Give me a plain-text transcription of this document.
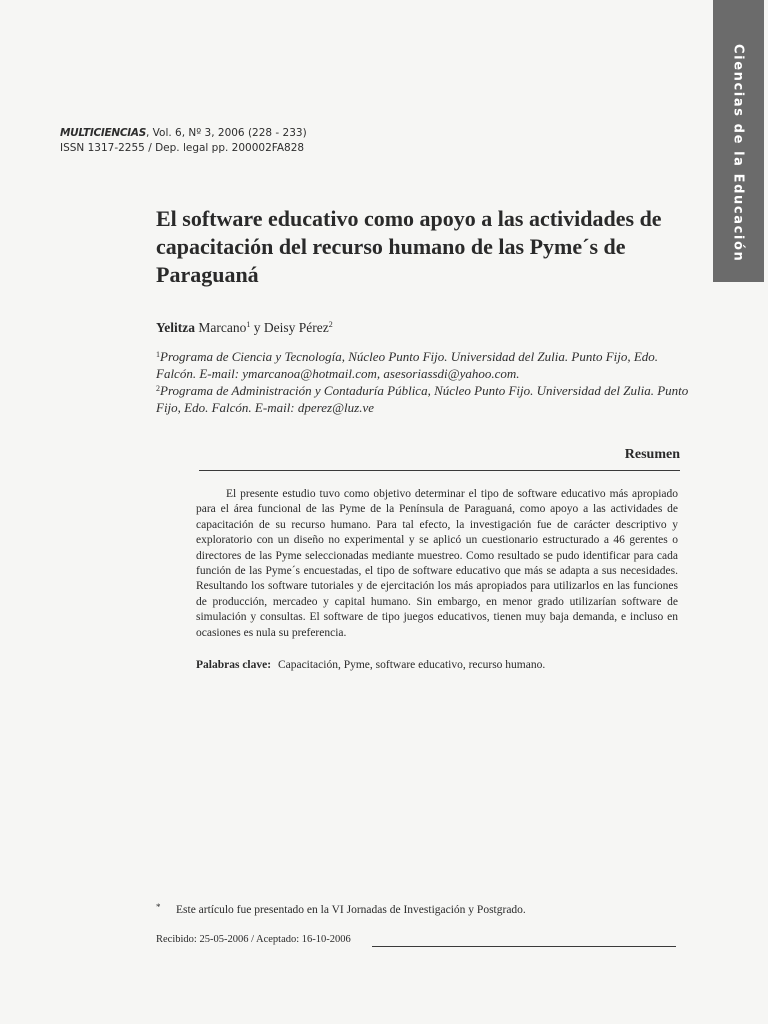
Ciencias de la Educación
MULTICIENCIAS, Vol. 6, Nº 3, 2006 (228 - 233)
ISSN 1317-2255 / Dep. legal pp. 200002FA828
El software educativo como apoyo a las actividades de capacitación del recurso humano de las Pyme´s de Paraguaná
Yelitza Marcano$^1$ y Deisy Pérez$^2$
$^1$Programa de Ciencia y Tecnología, Núcleo Punto Fijo. Universidad del Zulia. Punto Fijo, Edo. Falcón. E-mail: ymarcanoa@hotmail.com, asesoriassdi@yahoo.com.
$^2$Programa de Administración y Contaduría Pública, Núcleo Punto Fijo. Universidad del Zulia. Punto Fijo, Edo. Falcón. E-mail: dperez@luz.ve
Resumen

El presente estudio tuvo como objetivo determinar el tipo de software educativo más apropiado para el área funcional de las Pyme de la Península de Paraguaná, como apoyo a las actividades de capacitación de su recurso humano. Para tal efecto, la investigación fue de carácter descriptivo y exploratorio con un diseño no experimental y se aplicó un cuestionario estructurado a 46 gerentes o directores de las Pyme seleccionadas mediante muestreo. Como resultado se pudo identificar para cada función de las Pyme´s encuestadas, el tipo de software educativo que más se adapta a sus necesidades. Resultando los software tutoriales y de ejercitación los más apropiados para utilizarlos en las funciones de producción, mercadeo y capital humano. Sin embargo, en menor grado utilizarían software de simulación y consultas. El software de tipo juegos educativos, tienen muy baja demanda, e incluso en ocasiones es nula su preferencia.

Palabras clave: Capacitación, Pyme, software educativo, recurso humano.
* Este artículo fue presentado en la VI Jornadas de Investigación y Postgrado.
Recibido: 25-05-2006 / Aceptado: 16-10-2006
